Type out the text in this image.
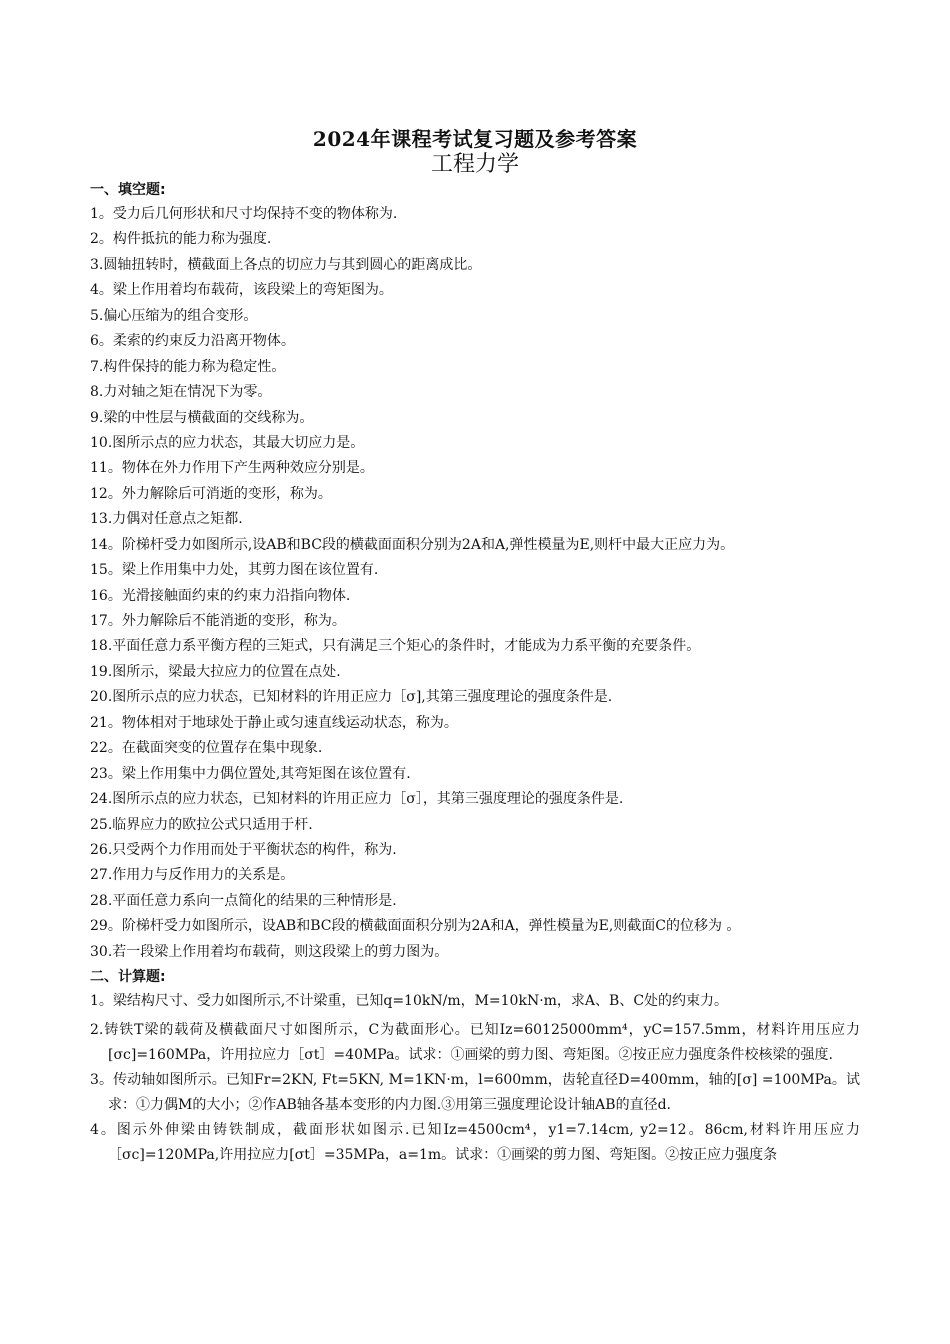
2024年课程考试复习题及参考答案
工程力学
一、填空题:
1。受力后几何形状和尺寸均保持不变的物体称为.
2。构件抵抗的能力称为强度.
3.圆轴扭转时，横截面上各点的切应力与其到圆心的距离成比。
4。梁上作用着均布载荷，该段梁上的弯矩图为。
5.偏心压缩为的组合变形。
6。柔索的约束反力沿离开物体。
7.构件保持的能力称为稳定性。
8.力对轴之矩在情况下为零。
9.梁的中性层与横截面的交线称为。
10.图所示点的应力状态，其最大切应力是。
11。物体在外力作用下产生两种效应分别是。
12。外力解除后可消逝的变形，称为。
13.力偶对任意点之矩都.
14。阶梯杆受力如图所示,设AB和BC段的横截面面积分别为2A和A,弹性模量为E,则杆中最大正应力为。
15。梁上作用集中力处，其剪力图在该位置有.
16。光滑接触面约束的约束力沿指向物体.
17。外力解除后不能消逝的变形，称为。
18.平面任意力系平衡方程的三矩式，只有满足三个矩心的条件时，才能成为力系平衡的充要条件。
19.图所示，梁最大拉应力的位置在点处.
20.图所示点的应力状态，已知材料的许用正应力［σ],其第三强度理论的强度条件是.
21。物体相对于地球处于静止或匀速直线运动状态，称为。
22。在截面突变的位置存在集中现象.
23。梁上作用集中力偶位置处,其弯矩图在该位置有.
24.图所示点的应力状态，已知材料的许用正应力［σ］，其第三强度理论的强度条件是.
25.临界应力的欧拉公式只适用于杆.
26.只受两个力作用而处于平衡状态的构件，称为.
27.作用力与反作用力的关系是。
28.平面任意力系向一点简化的结果的三种情形是.
29。阶梯杆受力如图所示，设AB和BC段的横截面面积分别为2A和A，弹性模量为E,则截面C的位移为 。
30.若一段梁上作用着均布载荷，则这段梁上的剪力图为。
二、计算题:
1。梁结构尺寸、受力如图所示,不计梁重，已知q=10kN/m，M=10kN·m，求A、B、C处的约束力。
2.铸铁T梁的载荷及横截面尺寸如图所示，C为截面形心。已知Iz=60125000mm⁴，yC=157.5mm，材料许用压应力[σc]=160MPa，许用拉应力［σt］=40MPa。试求：①画梁的剪力图、弯矩图。②按正应力强度条件校核梁的强度.
3。传动轴如图所示。已知Fr=2KN, Ft=5KN, M=1KN·m，l=600mm，齿轮直径D=400mm，轴的[σ] =100MPa。试求：①力偶M的大小；②作AB轴各基本变形的内力图.③用第三强度理论设计轴AB的直径d.
4。图示外伸梁由铸铁制成，截面形状如图示.已知Iz=4500cm⁴，y1=7.14cm, y2=12。86cm,材料许用压应力［σc]=120MPa,许用拉应力[σt］=35MPa，a=1m。试求：①画梁的剪力图、弯矩图。②按正应力强度条
